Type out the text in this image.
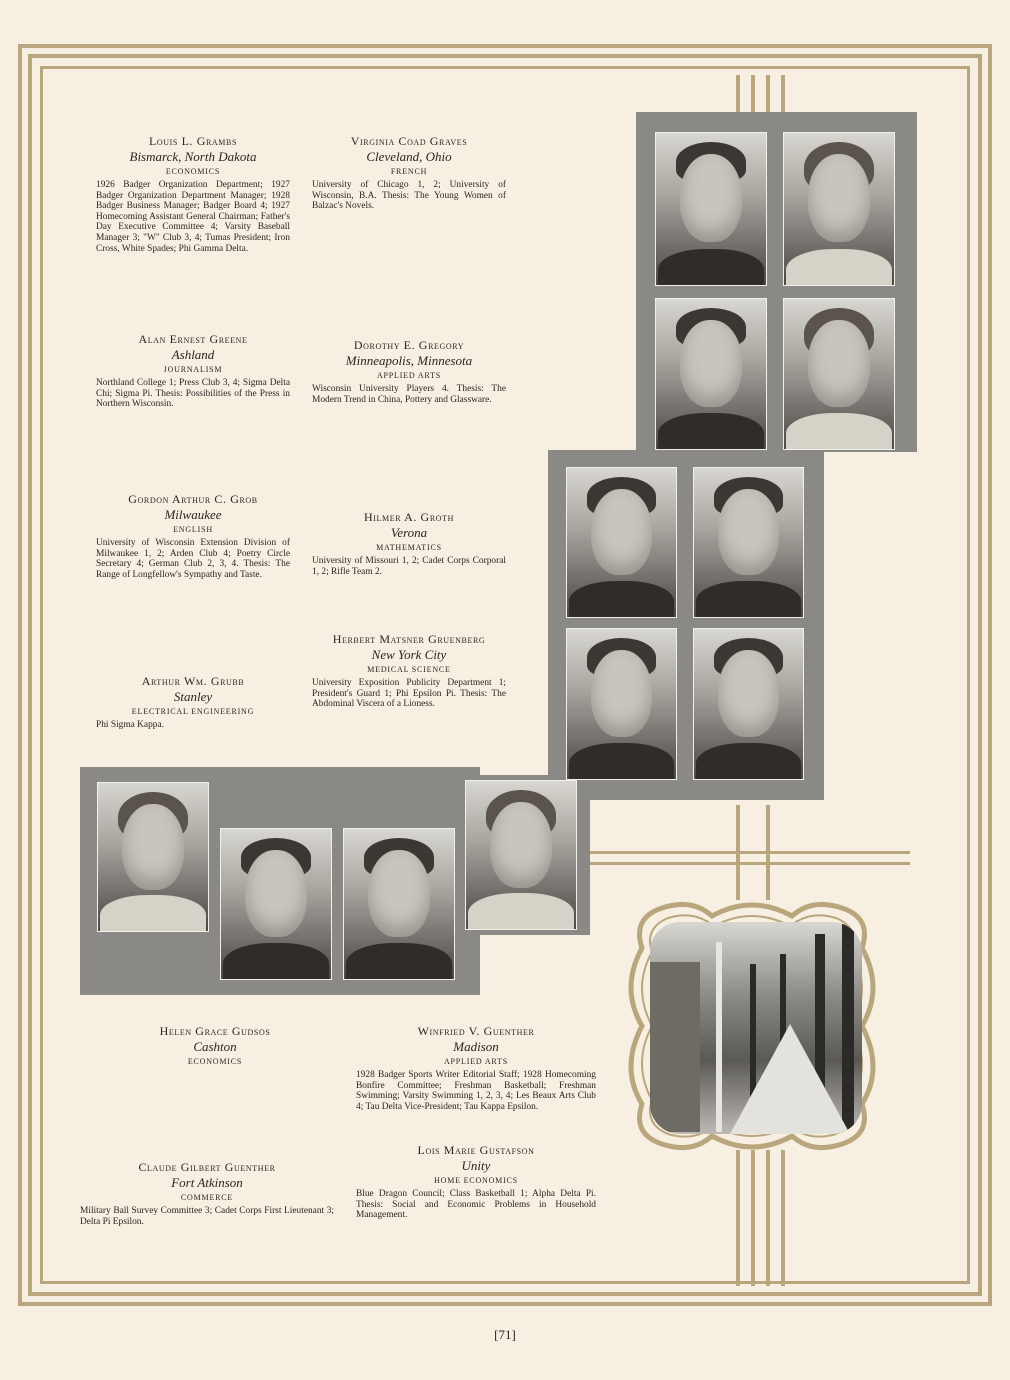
Louis L. Grambs

Bismarck, North Dakota

ECONOMICS

1926 Badger Organization Department; 1927 Badger Organization Department Manager; 1928 Badger Business Manager; Badger Board 4; 1927 Homecoming Assistant General Chairman; Father's Day Executive Committee 4; Varsity Baseball Manager 3; "W" Club 3, 4; Tumas President; Iron Cross, White Spades; Phi Gamma Delta.

Virginia Coad Graves

Cleveland, Ohio

FRENCH

University of Chicago 1, 2; University of Wisconsin, B.A. Thesis: The Young Women of Balzac's Novels.

Alan Ernest Greene

Ashland

JOURNALISM

Northland College 1; Press Club 3, 4; Sigma Delta Chi; Sigma Pi. Thesis: Possibilities of the Press in Northern Wisconsin.

Dorothy E. Gregory

Minneapolis, Minnesota

APPLIED ARTS

Wisconsin University Players 4. Thesis: The Modern Trend in China, Pottery and Glassware.

Gordon Arthur C. Grob

Milwaukee

ENGLISH

University of Wisconsin Extension Division of Milwaukee 1, 2; Arden Club 4; Poetry Circle Secretary 4; German Club 2, 3, 4. Thesis: The Range of Longfellow's Sympathy and Taste.

Hilmer A. Groth

Verona

MATHEMATICS

University of Missouri 1, 2; Cadet Corps Corporal 1, 2; Rifle Team 2.

Herbert Matsner Gruenberg

New York City

MEDICAL SCIENCE

University Exposition Publicity Department 1; President's Guard 1; Phi Epsilon Pi. Thesis: The Abdominal Viscera of a Lioness.

Arthur Wm. Grubb

Stanley

ELECTRICAL ENGINEERING

Phi Sigma Kappa.

Helen Grace Gudsos

Cashton

ECONOMICS

Winfried V. Guenther

Madison

APPLIED ARTS

1928 Badger Sports Writer Editorial Staff; 1928 Homecoming Bonfire Committee; Freshman Basketball; Freshman Swimming; Varsity Swimming 1, 2, 3, 4; Les Beaux Arts Club 4; Tau Delta Vice-President; Tau Kappa Epsilon.

Lois Marie Gustafson

Unity

HOME ECONOMICS

Blue Dragon Council; Class Basketball 1; Alpha Delta Pi. Thesis: Social and Economic Problems in Household Management.

Claude Gilbert Guenther

Fort Atkinson

COMMERCE

Military Ball Survey Committee 3; Cadet Corps First Lieutenant 3; Delta Pi Epsilon.

[71]
